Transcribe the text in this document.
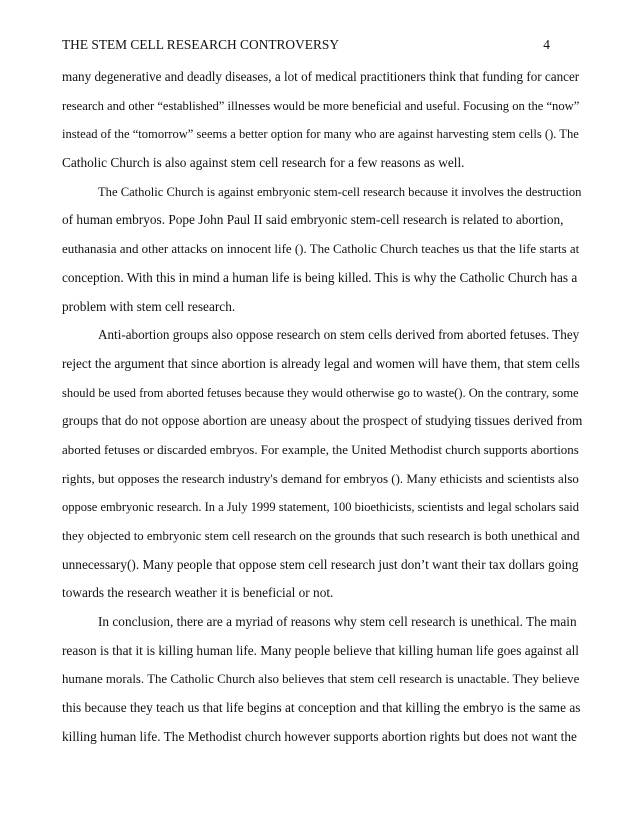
THE STEM CELL RESEARCH CONTROVERSY	4
many degenerative and deadly diseases, a lot of medical practitioners think that funding for cancer
research and other “established” illnesses would be more beneficial and useful. Focusing on the “now”
instead of the “tomorrow” seems a better option for many who are against harvesting stem cells (). The
Catholic Church is also against stem cell research for a few reasons as well.
The Catholic Church is against embryonic stem-cell research because it involves the destruction
of human embryos. Pope John Paul II said embryonic stem-cell research is related to abortion,
euthanasia and other attacks on innocent life (). The Catholic Church teaches us that the life starts at
conception. With this in mind a human life is being killed. This is why the Catholic Church has a
problem with stem cell research.
Anti-abortion groups also oppose research on stem cells derived from aborted fetuses. They
reject the argument that since abortion is already legal and women will have them, that stem cells
should be used from aborted fetuses because they would otherwise go to waste(). On the contrary, some
groups that do not oppose abortion are uneasy about the prospect of studying tissues derived from
aborted fetuses or discarded embryos. For example, the United Methodist church supports abortions
rights, but opposes the research industry's demand for embryos (). Many ethicists and scientists also
oppose embryonic research. In a July 1999 statement, 100 bioethicists, scientists and legal scholars said
they objected to embryonic stem cell research on the grounds that such research is both unethical and
unnecessary(). Many people that oppose stem cell research just don’t want their tax dollars going
towards the research weather it is beneficial or not.
In conclusion, there are a myriad of reasons why stem cell research is unethical. The main
reason is that it is killing human life. Many people believe that killing human life goes against all
humane morals. The Catholic Church also believes that stem cell research is unactable. They believe
this because they teach us that life begins at conception and that killing the embryo is the same as
killing human life. The Methodist church however supports abortion rights but does not want the
